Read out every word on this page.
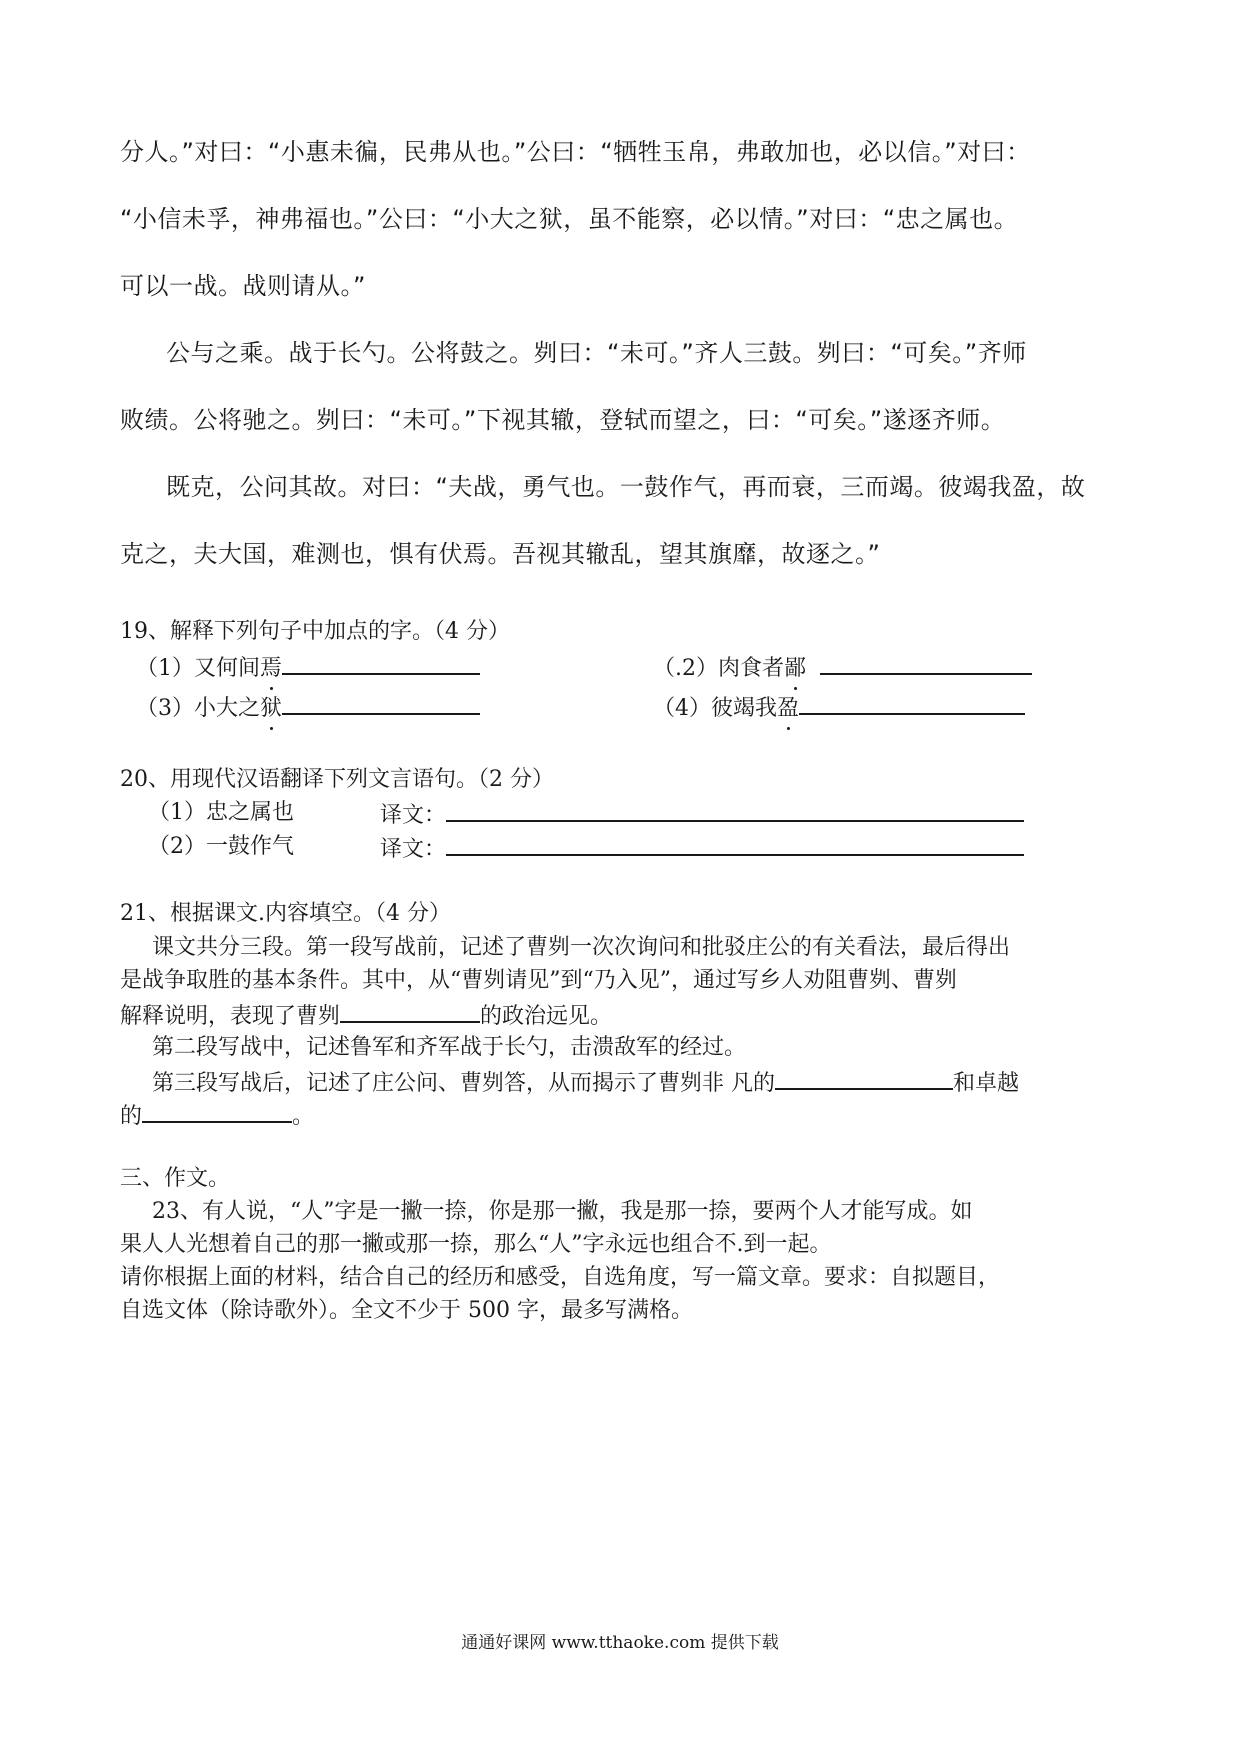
分人。”对曰：“小惠未徧，民弗从也。”公曰：“牺牲玉帛，弗敢加也，必以信。”对曰：
“小信未孚，神弗福也。”公曰：“小大之狱，虽不能察，必以情。”对曰：“忠之属也。
可以一战。战则请从。”
公与之乘。战于长勺。公将鼓之。刿曰：“未可。”齐人三鼓。刿曰：“可矣。”齐师
败绩。公将驰之。刿曰：“未可。”下视其辙，登轼而望之，曰：“可矣。”遂逐齐师。
既克，公问其故。对曰：“夫战，勇气也。一鼓作气，再而衰，三而竭。彼竭我盈，故
克之，夫大国，难测也，惧有伏焉。吾视其辙乱，望其旗靡，故逐之。”
19、解释下列句子中加点的字。（4 分）
（1）又何间焉	（.2）肉食者鄙
（3）小大之狱	（4）彼竭我盈
20、用现代汉语翻译下列文言语句。（2 分）
（1）忠之属也	译文：
（2）一鼓作气	译文：
21、根据课文.内容填空。（4 分）
课文共分三段。第一段写战前，记述了曹刿一次次询问和批驳庄公的有关看法，最后得出
是战争取胜的基本条件。其中，从“曹刿请见”到“乃入见”，通过写乡人劝阻曹刿、曹刿
解释说明，表现了曹刿	的政治远见。
第二段写战中，记述鲁军和齐军战于长勺，击溃敌军的经过。
第三段写战后，记述了庄公问、曹刿答，从而揭示了曹刿非 凡的	和卓越
的	。
三、作文。
23、有人说，“人”字是一撇一捺，你是那一撇，我是那一捺，要两个人才能写成。如
果人人光想着自己的那一撇或那一捺，那么“人”字永远也组合不.到一起。
请你根据上面的材料，结合自己的经历和感受，自选角度，写一篇文章。要求：自拟题目，
自选文体（除诗歌外）。全文不少于 500 字，最多写满格。
通通好课网 www.tthaoke.com 提供下载
